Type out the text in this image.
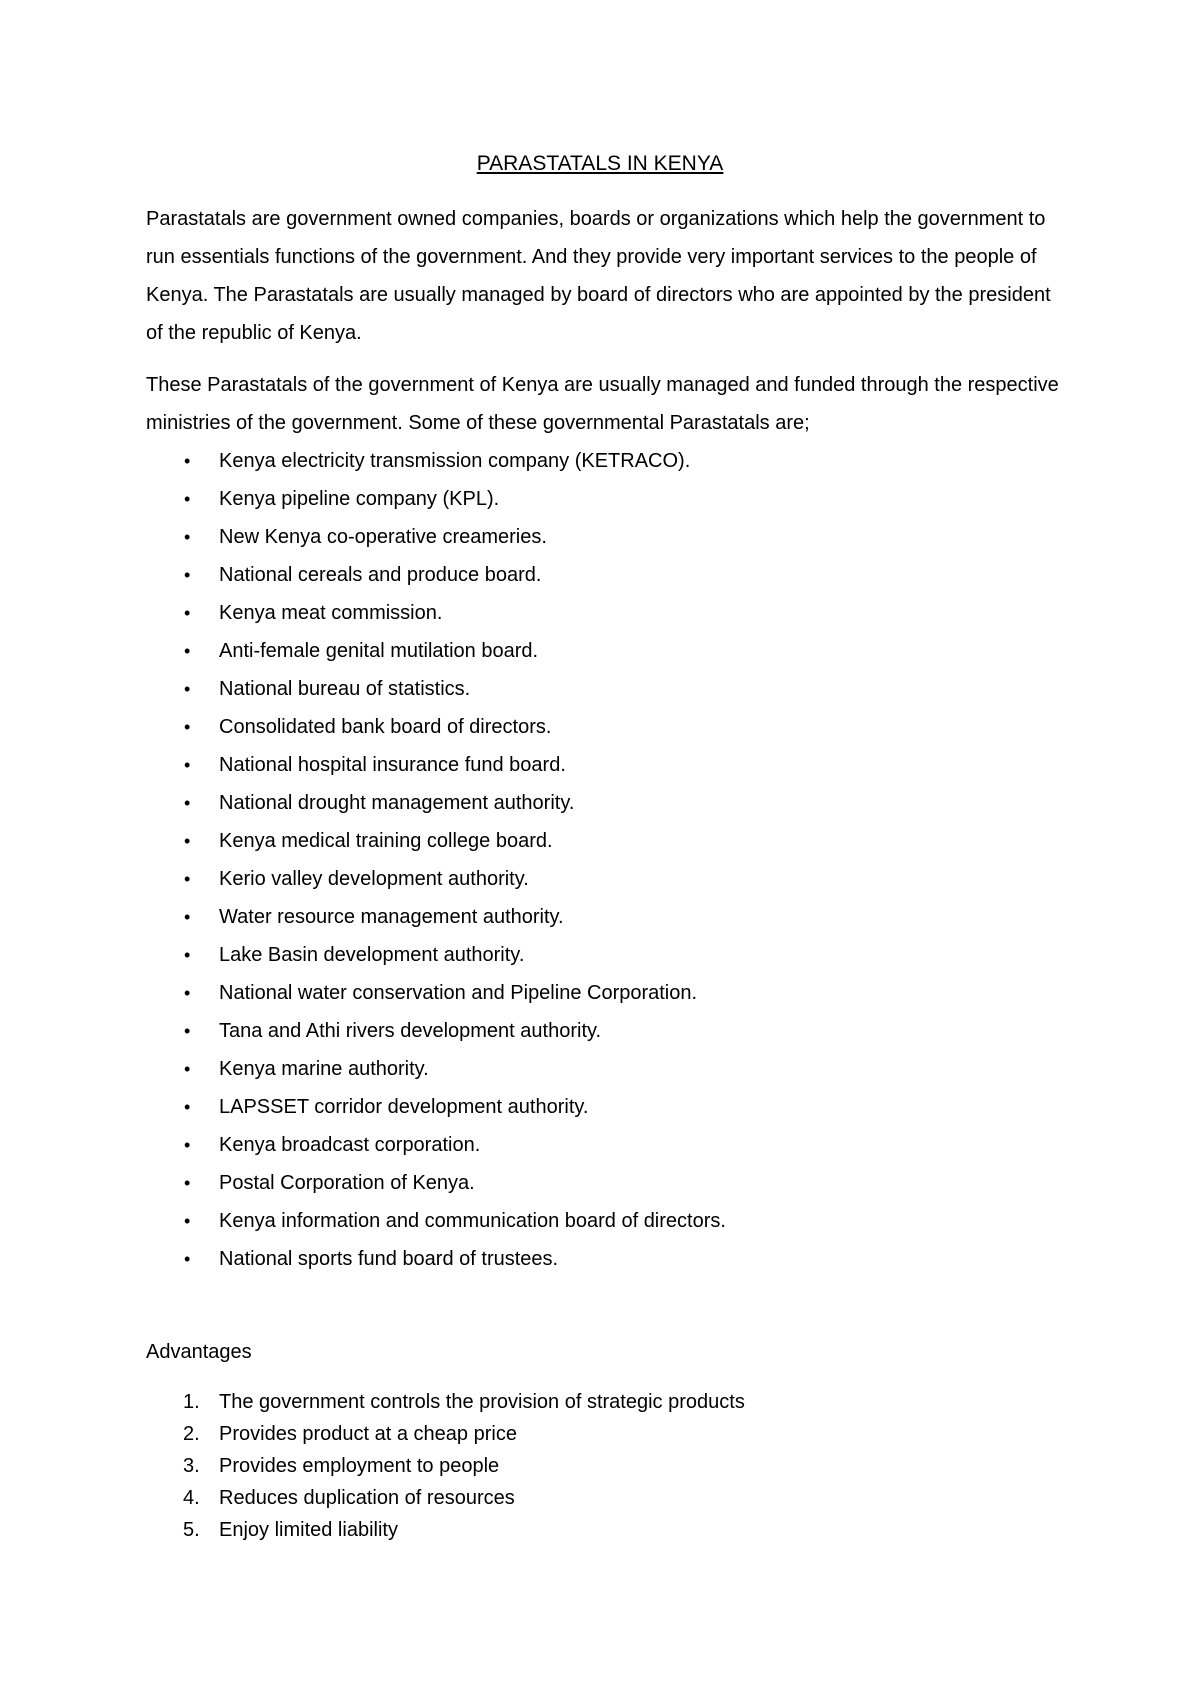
PARASTATALS IN KENYA

Parastatals are government owned companies, boards or organizations which help the government to run essentials functions of the government. And they provide very important services to the people of Kenya. The Parastatals are usually managed by board of directors who are appointed by the president of the republic of Kenya.

These Parastatals of the government of Kenya are usually managed and funded through the respective ministries of the government. Some of these governmental Parastatals are;

• Kenya electricity transmission company (KETRACO).
• Kenya pipeline company (KPL).
• New Kenya co-operative creameries.
• National cereals and produce board.
• Kenya meat commission.
• Anti-female genital mutilation board.
• National bureau of statistics.
• Consolidated bank board of directors.
• National hospital insurance fund board.
• National drought management authority.
• Kenya medical training college board.
• Kerio valley development authority.
• Water resource management authority.
• Lake Basin development authority.
• National water conservation and Pipeline Corporation.
• Tana and Athi rivers development authority.
• Kenya marine authority.
• LAPSSET corridor development authority.
• Kenya broadcast corporation.
• Postal Corporation of Kenya.
• Kenya information and communication board of directors.
• National sports fund board of trustees.
Advantages
1. The government controls the provision of strategic products
2. Provides product at a cheap price
3. Provides employment to people
4. Reduces duplication of resources
5. Enjoy limited liability
